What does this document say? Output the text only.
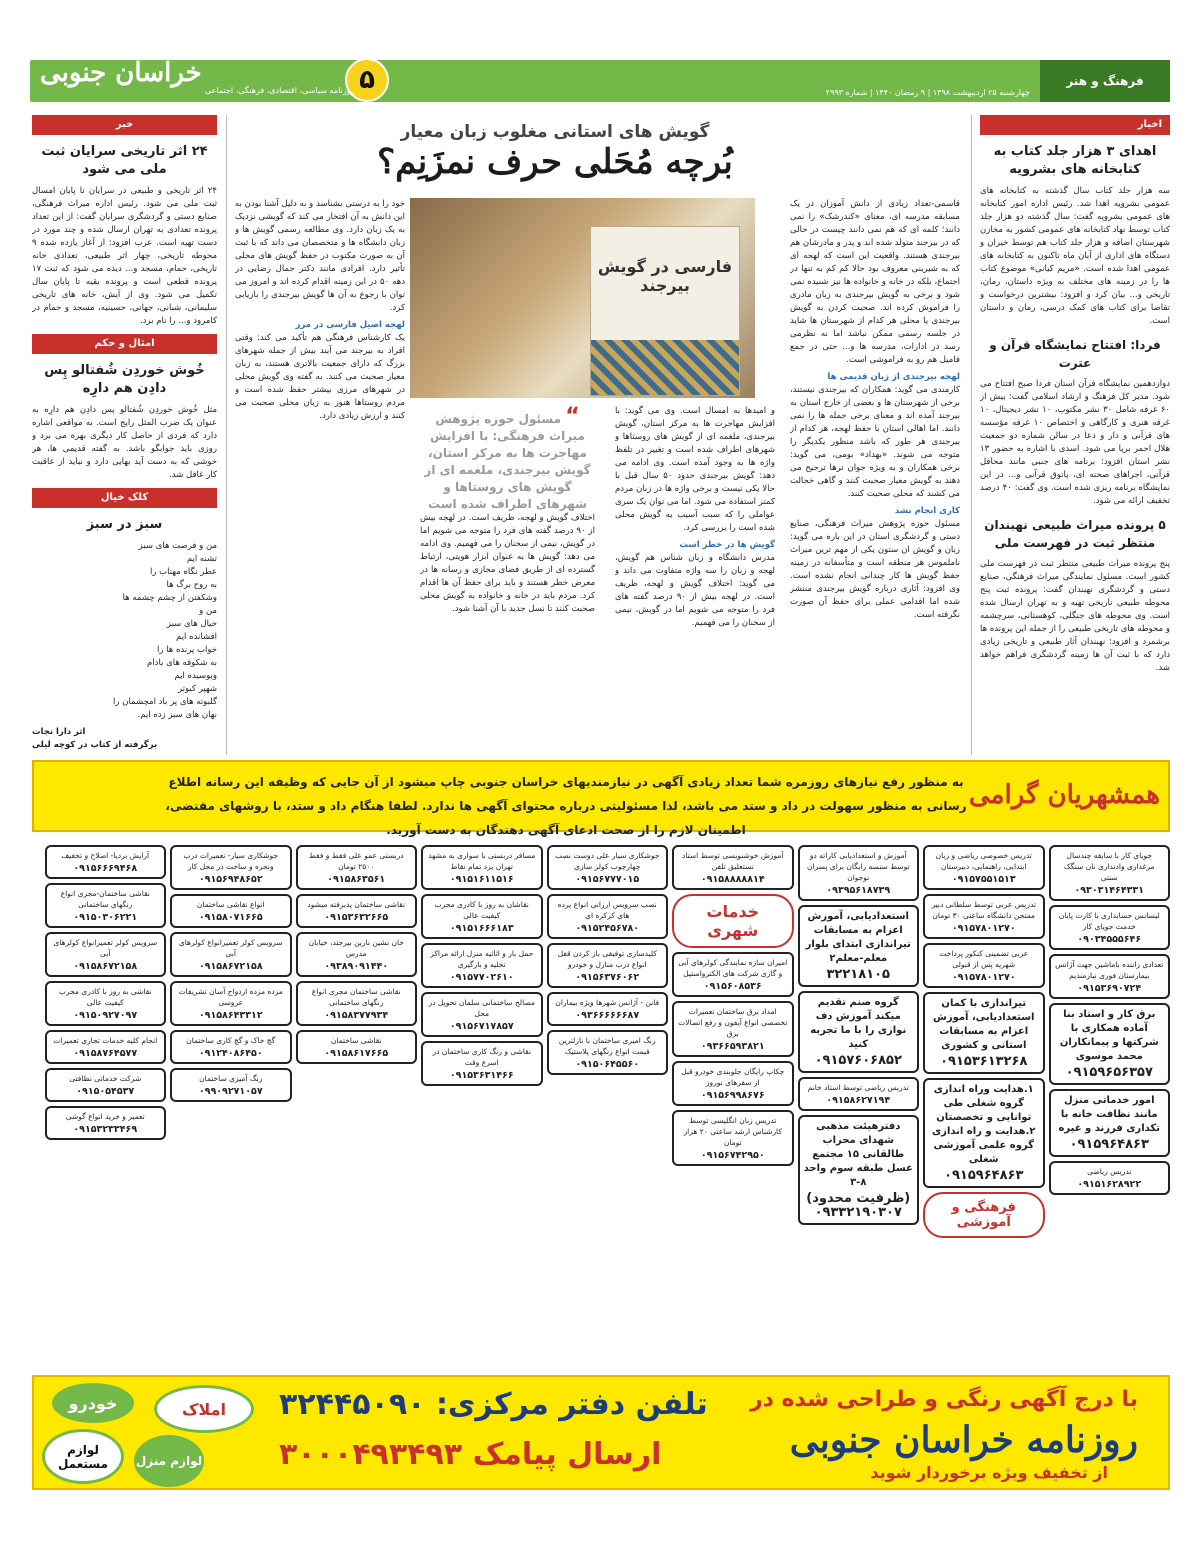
فرهنگ و هنر
چهارشنبه ۲۵ اردیبهشت ۱۳۹۸ | ۹ رمضان ۱۴۴۰ | شماره ۲۹۹۳
خراسان جنوبی	۵
روزنامه سیاسی، اقتصادی، فرهنگی، اجتماعی
اخبار
اهدای ۳ هزار جلد کتاب به کتابخانه های بشرویه

سه هزار جلد کتاب سال گذشته به کتابخانه های عمومی بشرویه اهدا شد. رئیس اداره امور کتابخانه های عمومی بشرویه گفت: سال گذشته دو هزار جلد کتاب توسط نهاد کتابخانه های عمومی کشور به مخازن شهرستان اضافه و هزار جلد کتاب هم توسط خیران و دستگاه های اداری از آبان ماه تاکنون به کتابخانه های عمومی اهدا شده است. «مریم کیانی» موضوع کتاب ها را در زمینه های مختلف به ویژه داستان، رمان، تاریخی و... بیان کرد و افزود: بیشترین درخواست و تقاضا برای کتاب های کمک درسی، رمان و داستان است.

فردا: افتتاح نمایشگاه قرآن و عترت

دوازدهمین نمایشگاه قرآن استان فردا صبح افتتاح می شود. مدیر کل فرهنگ و ارشاد اسلامی گفت: بیش از ۶۰ غرفه شامل ۳۰ نشر مکتوب، ۱۰ نشر دیجیتال، ۱۰ غرفه هنری و کارگاهی و اختصاص ۱۰ غرفه مؤسسه های قرآنی و دار و دعا در سالن شماره دو جمعیت هلال احمر برپا می شود. اسدی با اشاره به حضور ۱۳ نشر استان افزود: برنامه های جنبی مانند محافل قرآنی، اجراهای صحنه ای، پاتوق قرآنی و... در این نمایشگاه برنامه ریزی شده است. وی گفت: ۴۰ درصد تخفیف ارائه می شود.

۵ پرونده میراث طبیعی نهبندان منتظر ثبت در فهرست ملی

پنج پرونده میراث طبیعی منتظر ثبت در فهرست ملی کشور است. مسئول نمایندگی میراث فرهنگی، صنایع دستی و گردشگری نهبندان گفت: پرونده ثبت پنج محوطه طبیعی تاریخی تهیه و به تهران ارسال شده است. وی محوطه های جنگلی، کوهستانی، سرچشمه و محوطه های تاریخی طبیعی را از جمله این پرونده ها برشمرد و افزود: نهبندان آثار طبیعی و تاریخی زیادی دارد که با ثبت آن ها زمینه گردشگری فراهم خواهد شد.

گویش های استانی مغلوب زبان معیار
بُرچه مُحَلی حرف نمزَنِم؟
فارسی در گویش بیرجند

قاسمی-تعداد زیادی از دانش آموزان در یک مسابقه مدرسه ای، معنای «کندرشک» را نمی دانند؛ کلمه ای که هم نمی دانند چیست در حالی که در بیرجند متولد شده اند و پدر و مادرشان هم بیرجندی هستند. واقعیت این است که لهجه ای که به شیرینی معروف بود حالا کم کم به تنها در اجتماع، بلکه در خانه و خانواده ها نیز شنیده نمی شود و برخی به گویش بیرجندی به زبان مادری را فراموش کرده اند. صحبت کردن به گویش بیرجندی یا محلی هر کدام از شهرستان ها شاید در جلسه رسمی ممکن نباشد اما نه نظرمی رسد در ادارات، مدرسه ها و... حتی در جمع فامیل هم رو به فراموشی است.

لهجه بیرجندی از زبان قدیمی ها

کارمندی می گوید: همکاران که بیرجندی نیستند، برخی از شهرستان ها و بعضی از خارج استان به بیرجند آمده اند و معنای برخی جمله ها را نمی دانند. اما اهالی استان با حفظ لهجه، هر کدام از بیرجندی هر طور که باشد منظور یکدیگر را متوجه می شوند. «بهداد» بومی، می گوید: برخی همکاران و به ویژه جوان ترها ترجیح می دهند به گویش معیار صحبت کنند و گاهی خجالت می کشند که محلی صحبت کنند.

کاری انجام نشد

مسئول حوزه پژوهش میراث فرهنگی، صنایع دستی و گردشگری استان در این باره می گوید: زبان و گویش ان ستون یکی از مهم ترین میراث ناملموس هر منطقه است و متأسفانه در زمینه حفظ گویش ها کار چندانی انجام نشده است. وی افزود: آثاری درباره گویش بیرجندی منتشر شده اما اقدامی عملی برای حفظ آن صورت نگرفته است.

و امیدها به امسال است. وی می گوید: با افزایش مهاجرت ها به مرکز استان، گویش بیرجندی، ملغمه ای از گویش های روستاها و شهرهای اطراف شده است و تغییر در تلفظ واژه ها به وجود آمده است. وی ادامه می دهد: گویش بیرجندی حدود ۵۰ سال قبل با حالا یکی نیست و برخی واژه ها در زبان مردم کمتر استفاده می شود. اما می توان یک سری عواملی را که سبب آسیب به گویش محلی شده است را بررسی کرد.

گویش ها در خطر است

مدرس دانشگاه و زبان شناس هم گویش، لهجه و زبان را سه واژه متفاوت می داند و می گوید: اختلاف گویش و لهجه، ظریف است. در لهجه بیش از ۹۰ درصد گفته های فرد را متوجه می شویم اما در گویش، نیمی از سخنان را می فهمیم.

“ مسئول حوزه پژوهش میراث فرهنگی: با افزایش مهاجرت ها به مرکز استان، گویش بیرجندی، ملغمه ای از گویش های روستاها و شهرهای اطراف شده است

اختلاف گویش و لهجه، ظریف است. در لهجه بیش از ۹۰ درصد گفته های فرد را متوجه می شویم اما در گویش، نیمی از سخنان را می فهمیم. وی ادامه می دهد: گویش ها به عنوان ابزار هویتی، ارتباط گسترده ای از طریق فضای مجازی و رسانه ها در معرض خطر هستند و باید برای حفظ آن ها اقدام کرد. مردم باید در خانه و خانواده به گویش محلی صحبت کنند تا نسل جدید با آن آشنا شود.

خود را به درستی بشناسد و به دلیل آشنا بودن به این دانش به آن افتخار می کند که گویشی نزدیک به یک زبان دارد. وی مطالعه رسمی گویش ها و زبان دانشگاه ها و متخصصان می داند که با ثبت آن به صورت مکتوب در حفظ گویش های محلی تأثیر دارد. افرادی مانند دکتر جمال رضایی در دهه ۵۰ در این زمینه اقدام کرده اند و امروز می توان با رجوع به آن ها گویش بیرجندی را بازیابی کرد.

لهجه اصیل فارسی در مرز

یک کارشناس فرهنگی هم تأکید می کند: وقتی افراد به بیرجند می آیند بیش از جمله شهرهای بزرگ که دارای جمعیت بالاتری هستند، به زبان معیار صحبت می کنند. به گفته وی گویش محلی در شهرهای مرزی بیشتر حفظ شده است و مردم روستاها هنوز به زبان محلی صحبت می کنند و ارزش زیادی دارد.

خبر
۲۴ اثر تاریخی سرایان ثبت ملی می شود

۲۴ اثر تاریخی و طبیعی در سرایان تا پایان امسال ثبت ملی می شود. رئیس اداره میراث فرهنگی، صنایع دستی و گردشگری سرایان گفت: از این تعداد پرونده تعدادی به تهران ارسال شده و چند مورد در دست تهیه است. عرب افزود: از آغاز یازده شده ۹ محوطه تاریخی، چهار اثر طبیعی، تعدادی خانه تاریخی، حمام، مسجد و... دیده می شود که ثبت ۱۷ پرونده قطعی است و پرونده بقیه تا پایان سال تکمیل می شود. وی از آیش، خانه های تاریخی سلیمانی، شبانی، جهانی، حسینیه، مسجد و حمام در کامرود و... را نام برد.

امثال و حکم
خُوش خوردِن شُفتالو پِس دادِن هم دارِه

مثل خُوش خوردِن شُفتالو پس دادِن هم دارِه به عنوان یک ضرب المثل رایج است. به مواقعی اشاره دارد که فردی از حاصل کار دیگری بهره می برد و روزی باید جوابگو باشد. به گفته قدیمی ها، هر خوشی که به دست آید بهایی دارد و نباید از عاقبت کار غافل شد.

کلک خیال
سبز در سبز
من و فرصت های سبز
تشنه ایم
عطر نگاه مهتاب را
به روح برگ ها
وشکفتن از چشم چشمه ها
من و
خیال های سبز
افشانده ایم
خواب پرنده ها را
به شکوفه های بادام
وبوسیده ایم
شهپر کبوتر
گلبوته های پر باد امچشمان را
نهان های سبز زده ایم.
اثر دارا نجات
برگرفته از کتاب در کوچه لیلی
همشهریان گرامی
به منظور رفع نیازهای روزمره شما تعداد زیادی آگهی در نیازمندیهای خراسان جنوبی چاپ میشود از آن جایی که وظیفه این رسانه اطلاع رسانی به منظور سهولت در داد و ستد می باشد، لذا مسئولیتی درباره محتوای آگهی ها ندارد. لطفا هنگام داد و ستد، با روشهای مقتضی، اطمینان لازم را از صحت ادعای آگهی دهندگان به دست آورید.
جویای کار با سابقه چندسال مرغداری وادنداری نان سنگک سنتی
۰۹۳۰۳۱۴۶۴۳۳۱
لیسانس حسابداری با کارت پایان خدمت جویای کار
۰۹۰۳۴۵۵۵۶۴۶
تعدادی راننده باماشین جهت آژانس بیمارستان فوری نیازمندیم
۰۹۱۵۳۶۹۰۷۲۴
برق کار و استاد بنا آماده همکاری با شرکتها و پیمانکاران محمد موسوی
۰۹۱۵۹۶۵۶۳۵۷
امور خدماتی منزل مانند نظافت خانه با تکداری فرزند و غیره
۰۹۱۵۹۶۴۸۶۳
تدریس ریاضی
۰۹۱۵۱۶۲۸۹۲۲
تدریس خصوصی ریاضی و زبان ابتدایی، راهنمایی، دبیرستان
۰۹۱۵۷۵۵۱۵۱۳
تدریس عربی توسط سلطانی دبیر ممتحن دانشگاه ساعتی ۳۰ تومان
۰۹۱۵۷۸۰۱۲۷۰
عربی تضمینی کنکور پرداخت شهریه پس از قبولی
۰۹۱۵۷۸۰۱۲۷۰
تیراندازی با کمان استعدادیابی، آموزش اعزام به مسابقات استانی و کشوری
۰۹۱۵۳۶۱۳۲۶۸
۱.هدایت وراه اندازی گروه شغلی طی توانایی و تخصصتان ۲.هدایت و راه اندازی گروه علمی آموزشی شغلی
۰۹۱۵۹۶۴۸۶۳
فرهنگی و آموزشی
آموزش و استعدادیابی کاراته دو توسط سنسه رایگان برای پسران نوجوان
۰۹۳۹۵۶۱۸۷۳۹
استعدادیابی، آموزش اعزام به مسابقات تیراندازی ابتدای بلوار معلم-معلم۲
۳۲۲۱۸۱۰۵
گروه صنم تقدیم میکند آموزش دف نوازی را با ما تجربه کنید
۰۹۱۵۷۶۰۶۸۵۲
تدریس ریاضی توسط استاد خانم
۰۹۱۵۸۶۲۷۱۹۴
دفترهیئت مذهبی شهدای محراب طالقانی ۱۵ مجتمع عسل طبقه سوم واحد ۸-۳
(ظرفیت محدود) ۰۹۳۳۲۱۹۰۳۰۷
آموزش خوشنویسی توسط استاد نستعلیق تلفن
۰۹۱۵۸۸۸۸۸۱۴
خدمات شهری
امیران سازه نمایندگی کولرهای آبی و گازی شرکت های الکترواستیل
۰۹۱۵۶۰۸۵۳۶
امداد برق ساختمان تعمیرات تخصصی انواع آیفون و رفع اتصالات برق
۰۹۳۶۶۵۹۳۸۲۱
چکاپ رایگان جلوبندی خودرو قبل از سفرهای نوروز
۰۹۱۵۶۹۹۸۶۷۶
تدریس زبان انگلیسی توسط کارشناس ارشد ساعتی ۲۰ هزار تومان
۰۹۱۵۶۷۴۲۹۵۰
جوشکاری سیار علی دوست نصب چهارچوب کولر سازی
۰۹۱۵۶۷۷۷۰۱۵
نصب سرویس ارزانی انواع پرده های کرکره ای
۰۹۱۵۲۴۵۶۷۸۰
کلیدسازی توفیقی باز کردن قفل انواع درب منازل و خودرو
۰۹۱۵۶۳۷۶۰۶۲
فانن - آژانس شهرها ویژه بیماران
۰۹۳۶۶۶۶۶۶۸۷
رنگ امیری ساختمان با نازلترین قیمت انواع رنگهای پلاستیک
۰۹۱۵۰۶۴۵۵۶۰
مسافر دربستی با سواری به مشهد تهران یزد تمام نقاط
۰۹۱۵۱۶۱۱۵۱۶
نقاشان به روز با کادری مجرب کیفیت عالی
۰۹۱۵۱۶۶۶۱۸۳
حمل بار و اثاثیه منزل ارائه مراکز تخلیه و بارگیری
۰۹۱۵۷۷۰۲۶۱۰
مصالح ساختمانی سلمان تحویل در محل
۰۹۱۵۶۷۱۷۸۵۷
نقاشی و رنگ کاری ساختمان در اسرع وقت
۰۹۱۵۳۶۳۱۴۶۶
دربستی عمو علی فقط و فقط ۲۵۰۰ تومان
۰۹۱۵۸۶۳۵۶۱
نقاشی ساختمان پذیرفته میشود
۰۹۱۵۳۶۳۲۶۶۵
خان نشین نارین بیرجند، خیابان مدرس
۰۹۳۸۹۰۹۱۴۴۰
نقاشی ساختمان مجری انواع رنگهای ساختمانی
۰۹۱۵۸۳۷۷۹۳۴
نقاشی ساختمان
۰۹۱۵۸۶۱۷۶۶۵
جوشکاری سیار- تعمیرات درب ونجره و ساخت در محل کار
۰۹۱۵۶۹۴۸۶۵۲
انواع نقاشی ساختمان
۰۹۱۵۸۰۷۱۶۶۵
سرویس کولر تعمیرانواع کولرهای آبی
۰۹۱۵۸۶۷۲۱۵۸
مزده مزده ازدواج آسان تشریفات عروسی
۰۹۱۵۸۶۴۳۳۱۲
گچ خاک و گچ کاری ساختمان
۰۹۱۲۴۰۸۶۴۵۰
رنگ آمیزی ساختمان
۰۹۹۰۹۲۷۱۰۵۷
آرایش بردیا- اصلاح و تخفیف
۰۹۱۵۶۶۶۹۴۶۸
نقاشی ساختمان-مجری انواع رنگهای ساختمانی
۰۹۱۵۰۳۰۶۲۲۱
سرویس کولر تعمیرانواع کولرهای آبی
۰۹۱۵۸۶۷۲۱۵۸
نقاشی به روز با کادری مجرب کیفیت عالی
۰۹۱۵۰۹۲۷۰۹۷
انجام کلیه خدمات تجاری تعمیرات
۰۹۱۵۸۷۶۴۵۷۷
شرکت خدماتی نظافتی
۰۹۱۵۰۵۴۵۳۷
تعمیر و خرید انواع گوشی
۰۹۱۵۳۲۳۳۴۶۹
با درج آگهی رنگی و طراحی شده در
روزنامه خراسان جنوبی
از تخفیف ویژه برخوردار شوید
تلفن دفتر مرکزی: ۳۲۴۴۵۰۹۰
ارسال پیامک ۳۰۰۰۴۹۳۴۹۳
املاک
خودرو
لوازم منزل
لوازم مستعمل
